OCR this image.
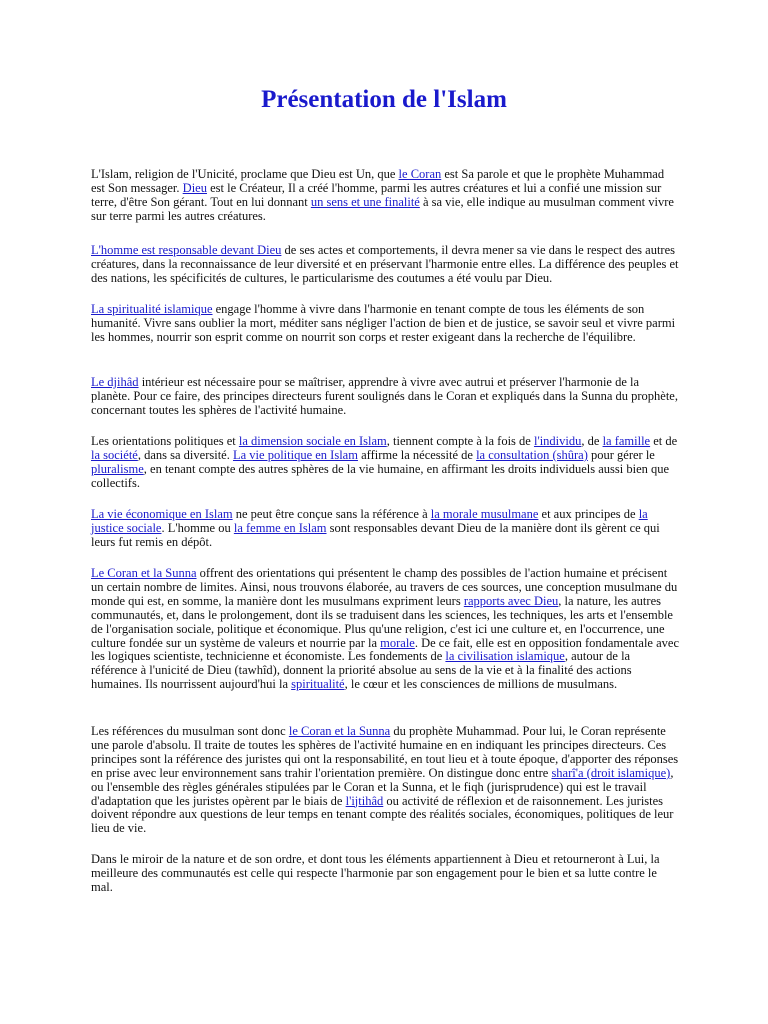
Présentation de l'Islam

L'Islam, religion de l'Unicité, proclame que Dieu est Un, que le Coran est Sa parole et que le prophète Muhammad est Son messager. Dieu est le Créateur, Il a créé l'homme, parmi les autres créatures et lui a confié une mission sur terre, d'être Son gérant. Tout en lui donnant un sens et une finalité à sa vie, elle indique au musulman comment vivre sur terre parmi les autres créatures.

L'homme est responsable devant Dieu de ses actes et comportements, il devra mener sa vie dans le respect des autres créatures, dans la reconnaissance de leur diversité et en préservant l'harmonie entre elles. La différence des peuples et des nations, les spécificités de cultures, le particularisme des coutumes a été voulu par Dieu.

La spiritualité islamique engage l'homme à vivre dans l'harmonie en tenant compte de tous les éléments de son humanité. Vivre sans oublier la mort, méditer sans négliger l'action de bien et de justice, se savoir seul et vivre parmi les hommes, nourrir son esprit comme on nourrit son corps et rester exigeant dans la recherche de l'équilibre.

Le djihâd intérieur est nécessaire pour se maîtriser, apprendre à vivre avec autrui et préserver l'harmonie de la planète. Pour ce faire, des principes directeurs furent soulignés dans le Coran et expliqués dans la Sunna du prophète, concernant toutes les sphères de l'activité humaine.

Les orientations politiques et la dimension sociale en Islam, tiennent compte à la fois de l'individu, de la famille et de la société, dans sa diversité. La vie politique en Islam affirme la nécessité de la consultation (shûra) pour gérer le pluralisme, en tenant compte des autres sphères de la vie humaine, en affirmant les droits individuels aussi bien que collectifs.

La vie économique en Islam ne peut être conçue sans la référence à la morale musulmane et aux principes de la justice sociale. L'homme ou la femme en Islam sont responsables devant Dieu de la manière dont ils gèrent ce qui leurs fut remis en dépôt.

Le Coran et la Sunna offrent des orientations qui présentent le champ des possibles de l'action humaine et précisent un certain nombre de limites. Ainsi, nous trouvons élaborée, au travers de ces sources, une conception musulmane du monde qui est, en somme, la manière dont les musulmans expriment leurs rapports avec Dieu, la nature, les autres communautés, et, dans le prolongement, dont ils se traduisent dans les sciences, les techniques, les arts et l'ensemble de l'organisation sociale, politique et économique. Plus qu'une religion, c'est ici une culture et, en l'occurrence, une culture fondée sur un système de valeurs et nourrie par la morale. De ce fait, elle est en opposition fondamentale avec les logiques scientiste, technicienne et économiste. Les fondements de la civilisation islamique, autour de la référence à l'unicité de Dieu (tawhîd), donnent la priorité absolue au sens de la vie et à la finalité des actions humaines. Ils nourrissent aujourd'hui la spiritualité, le cœur et les consciences de millions de musulmans.

Les références du musulman sont donc le Coran et la Sunna du prophète Muhammad. Pour lui, le Coran représente une parole d'absolu. Il traite de toutes les sphères de l'activité humaine en en indiquant les principes directeurs. Ces principes sont la référence des juristes qui ont la responsabilité, en tout lieu et à toute époque, d'apporter des réponses en prise avec leur environnement sans trahir l'orientation première. On distingue donc entre sharî'a (droit islamique), ou l'ensemble des règles générales stipulées par le Coran et la Sunna, et le fiqh (jurisprudence) qui est le travail d'adaptation que les juristes opèrent par le biais de l'ijtihâd ou activité de réflexion et de raisonnement. Les juristes doivent répondre aux questions de leur temps en tenant compte des réalités sociales, économiques, politiques de leur lieu de vie.

Dans le miroir de la nature et de son ordre, et dont tous les éléments appartiennent à Dieu et retourneront à Lui, la meilleure des communautés est celle qui respecte l'harmonie par son engagement pour le bien et sa lutte contre le mal.
